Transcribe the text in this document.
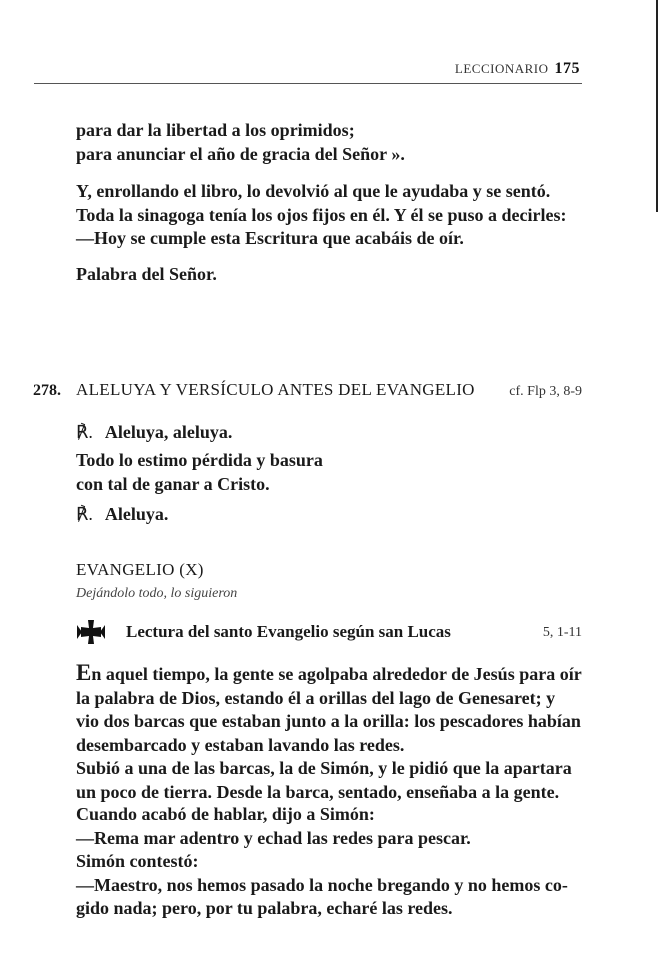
LECCIONARIO 175
para dar la libertad a los oprimidos;
para anunciar el año de gracia del Señor ».
Y, enrollando el libro, lo devolvió al que le ayudaba y se sentó.
Toda la sinagoga tenía los ojos fijos en él. Y él se puso a decirles:
—Hoy se cumple esta Escritura que acabáis de oír.
Palabra del Señor.
278. ALELUYA Y VERSÍCULO ANTES DEL EVANGELIO cf. Flp 3, 8-9
℟. Aleluya, aleluya.
Todo lo estimo pérdida y basura
con tal de ganar a Cristo.
℟. Aleluya.
EVANGELIO (X)
Dejándolo todo, lo siguieron
Lectura del santo Evangelio según san Lucas	5, 1-11
En aquel tiempo, la gente se agolpaba alrededor de Jesús para oír
la palabra de Dios, estando él a orillas del lago de Genesaret; y
vio dos barcas que estaban junto a la orilla: los pescadores habían
desembarcado y estaban lavando las redes.
Subió a una de las barcas, la de Simón, y le pidió que la apartara
un poco de tierra. Desde la barca, sentado, enseñaba a la gente.
Cuando acabó de hablar, dijo a Simón:
—Rema mar adentro y echad las redes para pescar.
Simón contestó:
—Maestro, nos hemos pasado la noche bregando y no hemos co-
gido nada; pero, por tu palabra, echaré las redes.
